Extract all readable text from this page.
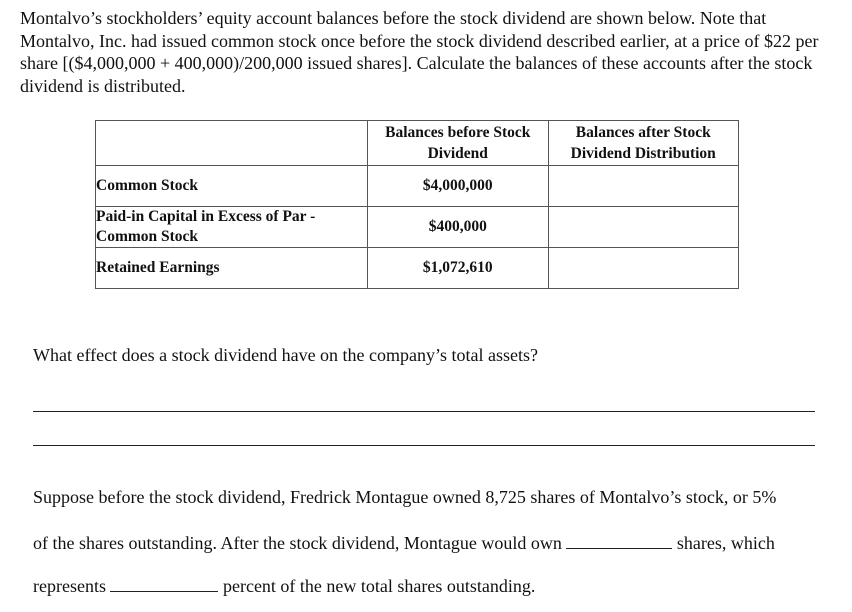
Montalvo’s stockholders’ equity account balances before the stock dividend are shown below. Note that Montalvo, Inc. had issued common stock once before the stock dividend described earlier, at a price of $22 per share [($4,000,000 + 400,000)/200,000 issued shares]. Calculate the balances of these accounts after the stock dividend is distributed.

	Balances before Stock Dividend	Balances after Stock Dividend Distribution
Common Stock	$4,000,000	
Paid-in Capital in Excess of Par - Common Stock	$400,000	
Retained Earnings	$1,072,610	

What effect does a stock dividend have on the company’s total assets?

Suppose before the stock dividend, Fredrick Montague owned 8,725 shares of Montalvo’s stock, or 5%

of the shares outstanding. After the stock dividend, Montague would own	shares, which

represents	percent of the new total shares outstanding.
